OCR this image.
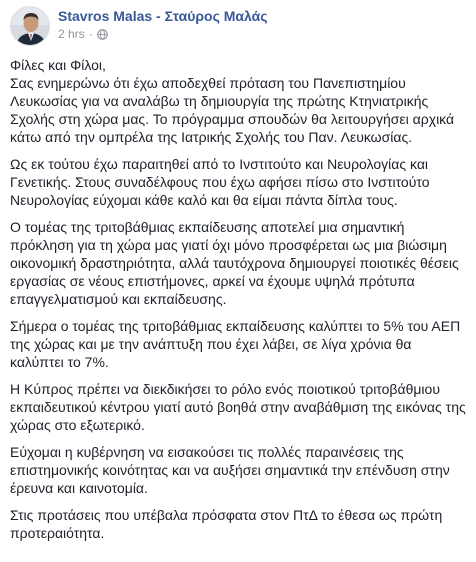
Stavros Malas - Σταύρος Μαλάς
2 hrs ·

Φίλες και Φίλοι,

Σας ενημερώνω ότι έχω αποδεχθεί πρόταση του Πανεπιστημίου Λευκωσίας για να αναλάβω τη δημιουργία της πρώτης Κτηνιατρικής Σχολής στη χώρα μας. Το πρόγραμμα σπουδών θα λειτουργήσει αρχικά κάτω από την ομπρέλα της Ιατρικής Σχολής του Παν. Λευκωσίας.

Ως εκ τούτου έχω παραιτηθεί από το Ινστιτούτο και Νευρολογίας και Γενετικής. Στους συναδέλφους που έχω αφήσει πίσω στο Ινστιτούτο Νευρολογίας εύχομαι κάθε καλό και θα είμαι πάντα δίπλα τους.

Ο τομέας της τριτοβάθμιας εκπαίδευσης αποτελεί μια σημαντική πρόκληση για τη χώρα μας γιατί όχι μόνο προσφέρεται ως μια βιώσιμη οικονομική δραστηριότητα, αλλά ταυτόχρονα δημιουργεί ποιοτικές θέσεις εργασίας σε νέους επιστήμονες, αρκεί να έχουμε υψηλά πρότυπα επαγγελματισμού και εκπαίδευσης.

Σήμερα ο τομέας της τριτοβάθμιας εκπαίδευσης καλύπτει το 5% του ΑΕΠ της χώρας και με την ανάπτυξη που έχει λάβει, σε λίγα χρόνια θα καλύπτει το 7%.

Η Κύπρος πρέπει να διεκδικήσει το ρόλο ενός ποιοτικού τριτοβάθμιου εκπαιδευτικού κέντρου γιατί αυτό βοηθά στην αναβάθμιση της εικόνας της χώρας στο εξωτερικό.

Εύχομαι η κυβέρνηση να εισακούσει τις πολλές παραινέσεις της επιστημονικής κοινότητας και να αυξήσει σημαντικά την επένδυση στην έρευνα και καινοτομία.

Στις προτάσεις που υπέβαλα πρόσφατα στον ΠτΔ το έθεσα ως πρώτη προτεραιότητα.
